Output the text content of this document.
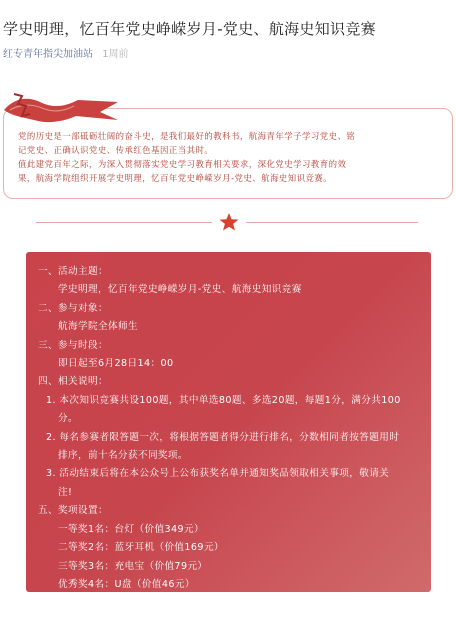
学史明理，忆百年党史峥嵘岁月-党史、航海史知识竞赛
红专青年指尖加油站 1周前

党的历史是一部砥砺壮阔的奋斗史，是我们最好的教科书，航海青年学子学习党史、铭

记党史、正确认识党史、传承红色基因正当其时。

值此建党百年之际，为深入贯彻落实党史学习教育相关要求，深化党史学习教育的效

果，航海学院组织开展学史明理，忆百年党史峥嵘岁月-党史、航海史知识竞赛。

一、活动主题：
学史明理，忆百年党史峥嵘岁月-党史、航海史知识竞赛
二、参与对象：
航海学院全体师生
三、参与时段：
即日起至6月28日14：00
四、相关说明：
1. 本次知识竞赛共设100题，其中单选80题、多选20题，每题1分，满分共100
分。
2. 每名参赛者限答题一次，将根据答题者得分进行排名，分数相同者按答题用时
排序，前十名分获不同奖项。
3. 活动结束后将在本公众号上公布获奖名单并通知奖品领取相关事项，敬请关
注!
五、奖项设置：
一等奖1名：台灯（价值349元）
二等奖2名：蓝牙耳机（价值169元）
三等奖3名：充电宝（价值79元）
优秀奖4名：U盘（价值46元）
五、参与方式：
扫描下方二维码，填写个人基本信息并参与答题即可。
